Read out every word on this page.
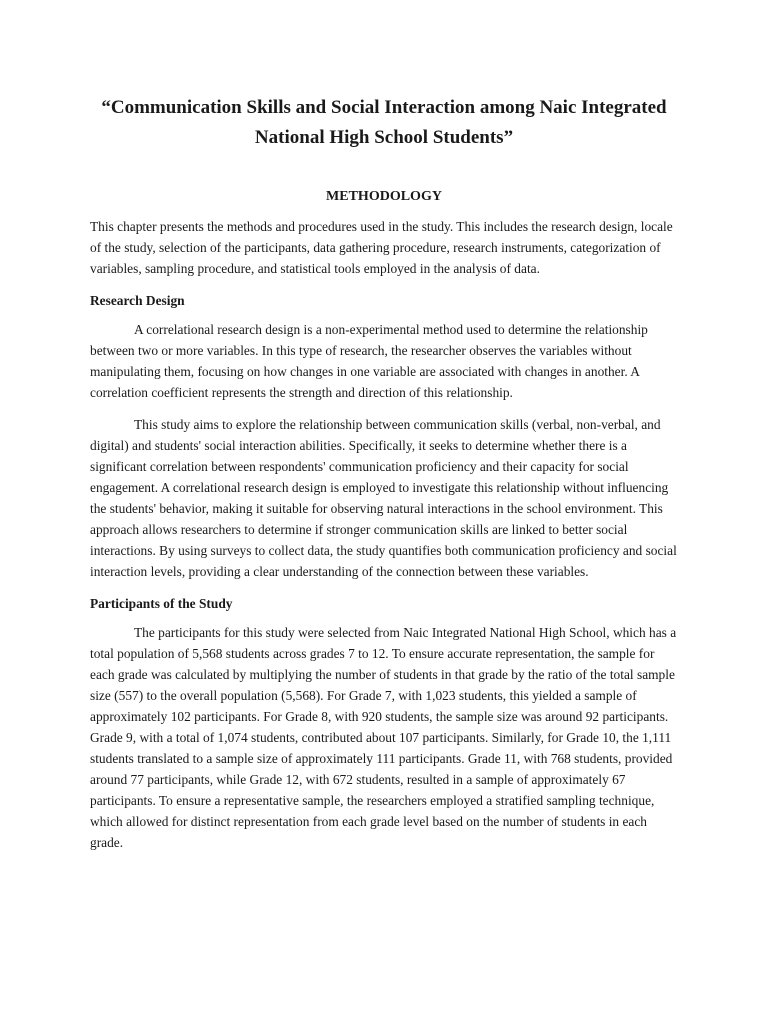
“Communication Skills and Social Interaction among Naic Integrated National High School Students”
METHODOLOGY

This chapter presents the methods and procedures used in the study. This includes the research design, locale of the study, selection of the participants, data gathering procedure, research instruments, categorization of variables, sampling procedure, and statistical tools employed in the analysis of data.

Research Design

A correlational research design is a non-experimental method used to determine the relationship between two or more variables. In this type of research, the researcher observes the variables without manipulating them, focusing on how changes in one variable are associated with changes in another. A correlation coefficient represents the strength and direction of this relationship.

This study aims to explore the relationship between communication skills (verbal, non-verbal, and digital) and students' social interaction abilities. Specifically, it seeks to determine whether there is a significant correlation between respondents' communication proficiency and their capacity for social engagement. A correlational research design is employed to investigate this relationship without influencing the students' behavior, making it suitable for observing natural interactions in the school environment. This approach allows researchers to determine if stronger communication skills are linked to better social interactions. By using surveys to collect data, the study quantifies both communication proficiency and social interaction levels, providing a clear understanding of the connection between these variables.

Participants of the Study

The participants for this study were selected from Naic Integrated National High School, which has a total population of 5,568 students across grades 7 to 12. To ensure accurate representation, the sample for each grade was calculated by multiplying the number of students in that grade by the ratio of the total sample size (557) to the overall population (5,568). For Grade 7, with 1,023 students, this yielded a sample of approximately 102 participants. For Grade 8, with 920 students, the sample size was around 92 participants. Grade 9, with a total of 1,074 students, contributed about 107 participants. Similarly, for Grade 10, the 1,111 students translated to a sample size of approximately 111 participants. Grade 11, with 768 students, provided around 77 participants, while Grade 12, with 672 students, resulted in a sample of approximately 67 participants. To ensure a representative sample, the researchers employed a stratified sampling technique, which allowed for distinct representation from each grade level based on the number of students in each grade.
